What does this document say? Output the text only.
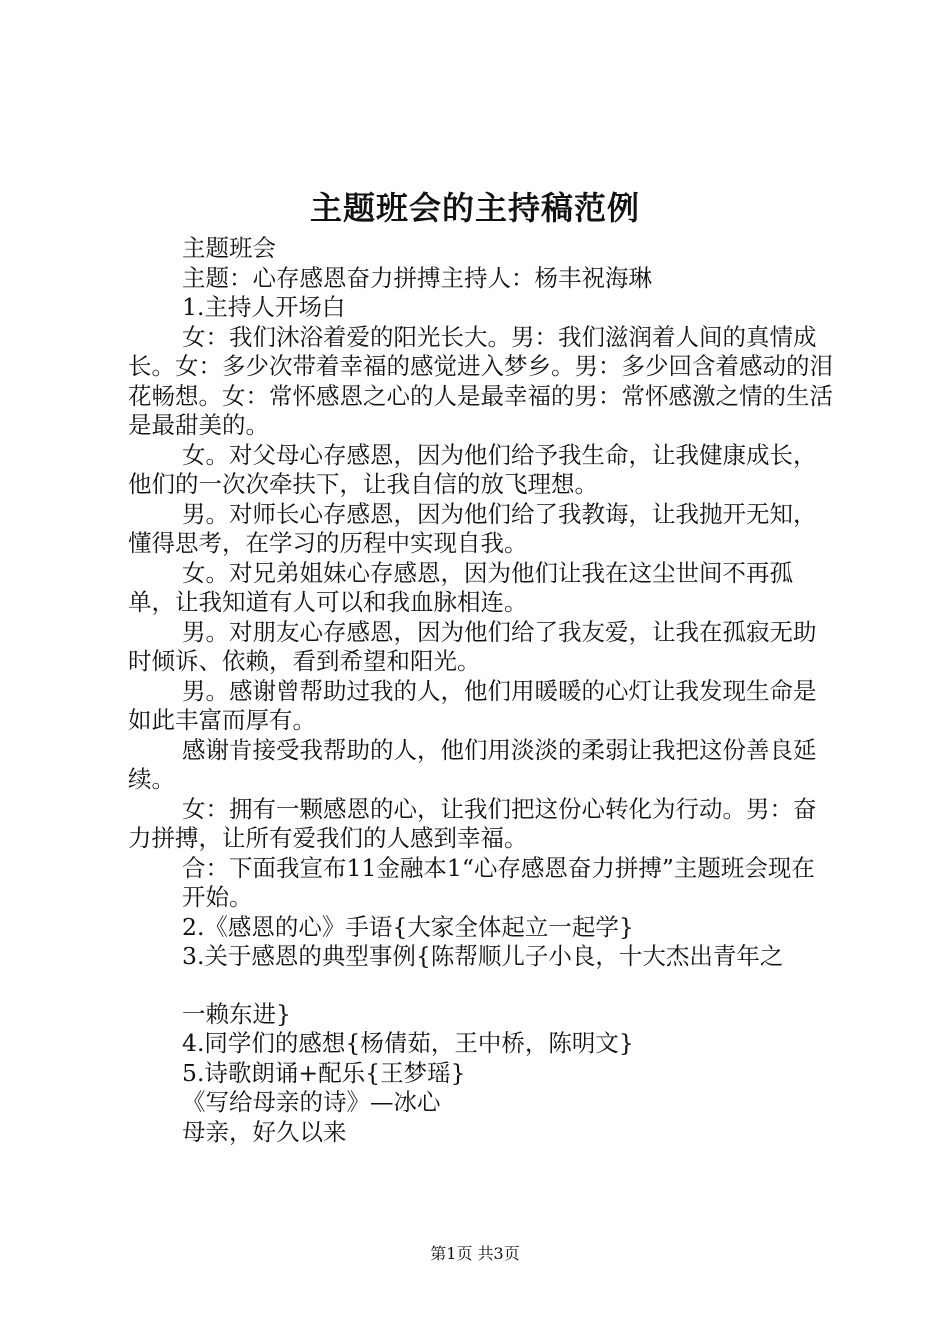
主题班会的主持稿范例

主题班会

主题：心存感恩奋力拼搏主持人：杨丰祝海琳

1.主持人开场白

女：我们沐浴着爱的阳光长大。男：我们滋润着人间的真情成长。女：多少次带着幸福的感觉进入梦乡。男：多少回含着感动的泪花畅想。女：常怀感恩之心的人是最幸福的男：常怀感激之情的生活是最甜美的。

女。对父母心存感恩，因为他们给予我生命，让我健康成长，他们的一次次牵扶下，让我自信的放飞理想。

男。对师长心存感恩，因为他们给了我教诲，让我抛开无知，懂得思考，在学习的历程中实现自我。

女。对兄弟姐妹心存感恩，因为他们让我在这尘世间不再孤单，让我知道有人可以和我血脉相连。

男。对朋友心存感恩，因为他们给了我友爱，让我在孤寂无助时倾诉、依赖，看到希望和阳光。

男。感谢曾帮助过我的人，他们用暖暖的心灯让我发现生命是如此丰富而厚有。

感谢肯接受我帮助的人，他们用淡淡的柔弱让我把这份善良延续。

女：拥有一颗感恩的心，让我们把这份心转化为行动。男：奋力拼搏，让所有爱我们的人感到幸福。

合：下面我宣布11金融本1“心存感恩奋力拼搏”主题班会现在开始。

2.《感恩的心》手语{大家全体起立一起学}

3.关于感恩的典型事例{陈帮顺儿子小良，十大杰出青年之

一赖东进}

4.同学们的感想{杨倩茹，王中桥，陈明文}

5.诗歌朗诵+配乐{王梦瑶}

《写给母亲的诗》—冰心

母亲，好久以来

第1页 共3页
